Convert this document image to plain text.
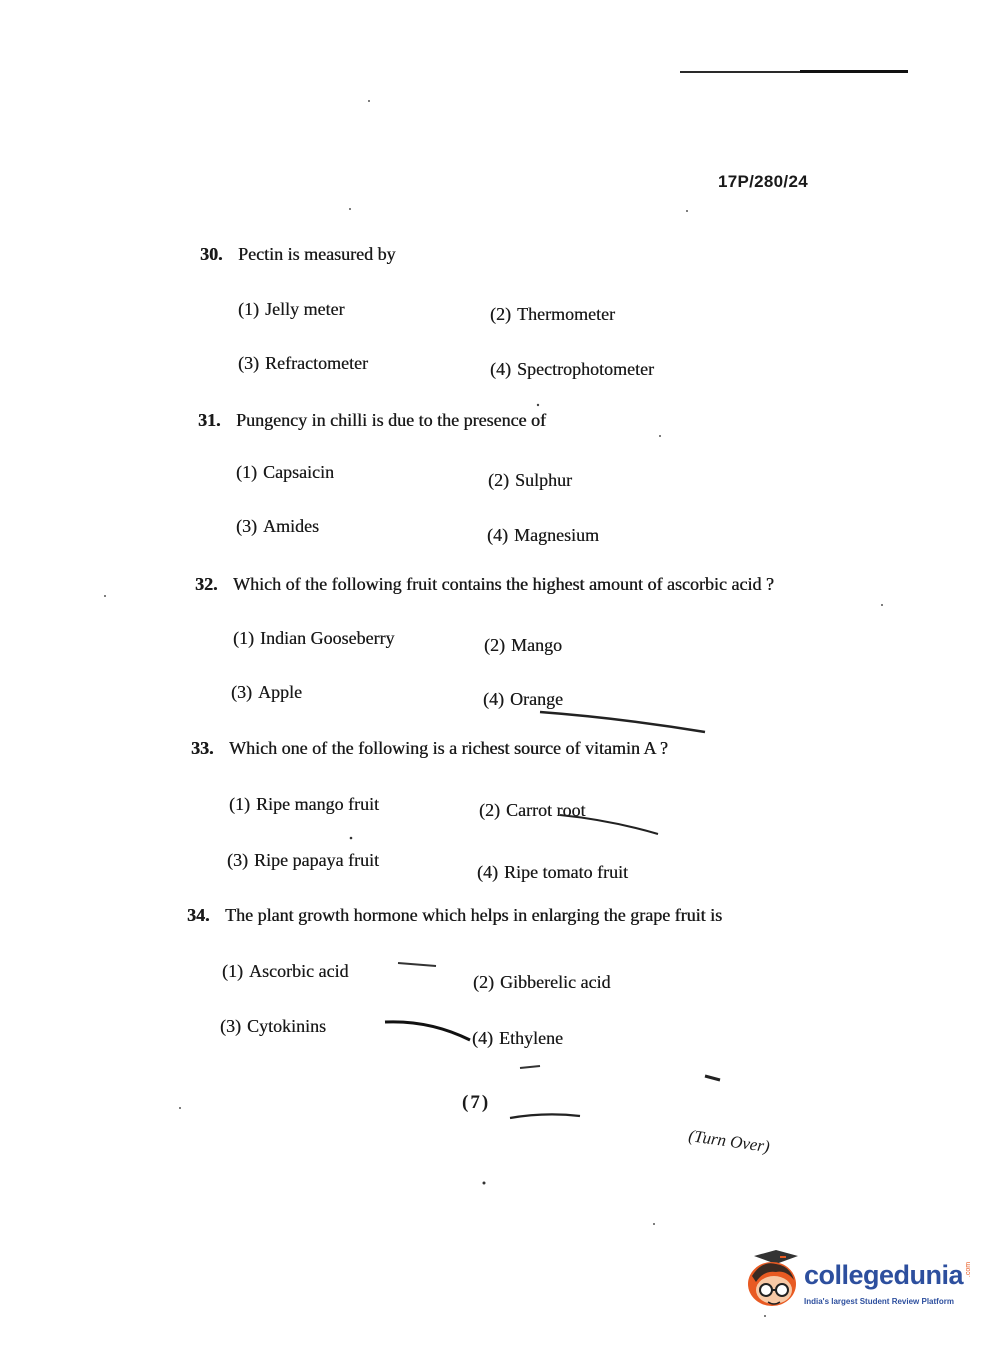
17P/280/24
30. Pectin is measured by
(1) Jelly meter	(2) Thermometer
(3) Refractometer	(4) Spectrophotometer
31. Pungency in chilli is due to the presence of
(1) Capsaicin	(2) Sulphur
(3) Amides	(4) Magnesium
32. Which of the following fruit contains the highest amount of ascorbic acid ?
(1) Indian Gooseberry	(2) Mango
(3) Apple	(4) Orange
33. Which one of the following is a richest source of vitamin A ?
(1) Ripe mango fruit	(2) Carrot root
(3) Ripe papaya fruit
(4) Ripe tomato fruit
34. The plant growth hormone which helps in enlarging the grape fruit is
(1) Ascorbic acid
(2) Gibberelic acid
(3) Cytokinins
(4) Ethylene
(7)
(Turn Over)
collegedunia .com
India's largest Student Review Platform
